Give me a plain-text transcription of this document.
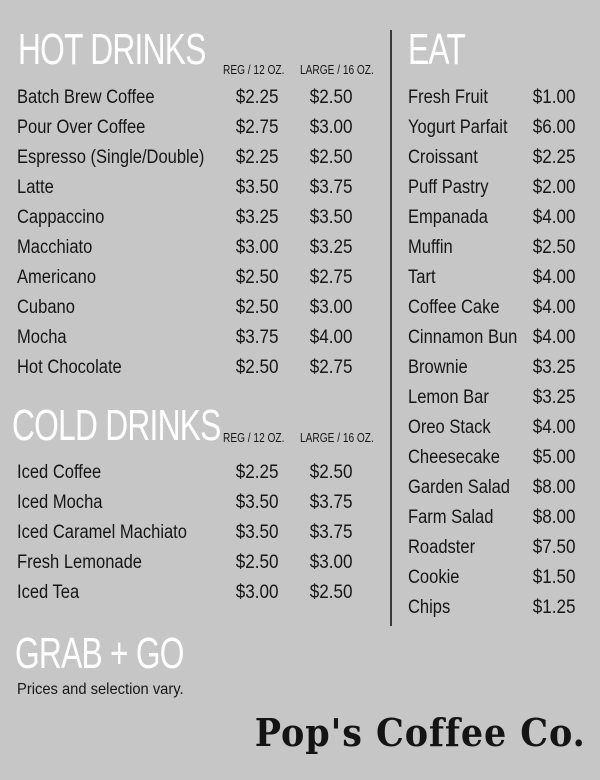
HOT DRINKS
COLD DRINKS
GRAB + GO
EAT
REG / 12 OZ. LARGE / 16 OZ.
REG / 12 OZ. LARGE / 16 OZ.
Batch Brew Coffee	$2.25 $2.50
Pour Over Coffee	$2.75 $3.00
Espresso (Single/Double) $2.25 $2.50
Latte	$3.50 $3.75
Cappaccino	$3.25 $3.50
Macchiato	$3.00 $3.25
Americano	$2.50 $2.75
Cubano	$2.50 $3.00
Mocha	$3.75 $4.00
Hot Chocolate	$2.50 $2.75
Iced Coffee	$2.25 $2.50
Iced Mocha	$3.50 $3.75
Iced Caramel Machiato	$3.50 $3.75
Fresh Lemonade	$2.50 $3.00
Iced Tea	$3.00 $2.50
Prices and selection vary.
Fresh Fruit $1.00
Yogurt Parfait $6.00
Croissant	$2.25
Puff Pastry $2.00
Empanada $4.00
Muffin	$2.50
Tart	$4.00
Coffee Cake $4.00
Cinnamon Bun $4.00
Brownie	$3.25
Lemon Bar $3.25
Oreo Stack $4.00
Cheesecake $5.00
Garden Salad $8.00
Farm Salad $8.00
Roadster	$7.50
Cookie	$1.50
Chips	$1.25
Pop's Coffee Co.
